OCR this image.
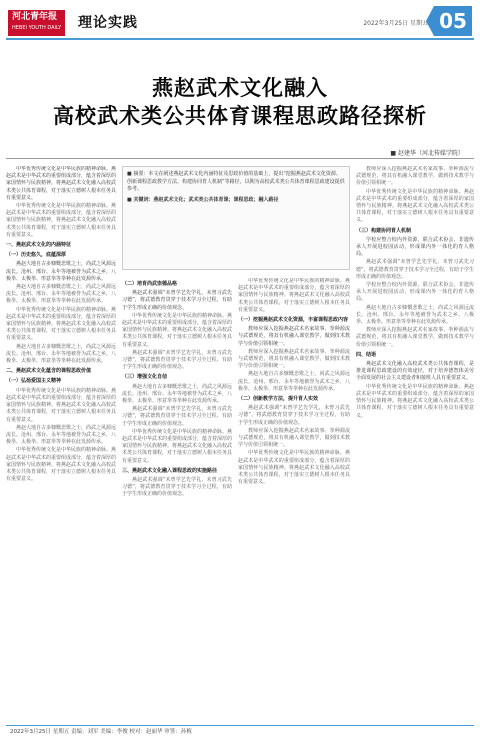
河北青年报
HEBEI YOUTH DAILY 理论实践	2022年3月25日 星期五 05
燕赵武术文化融入
高校武术类公共体育课程思政路径探析
■ 赵建华（河北传媒学院）

中华优秀传统文化是中华民族的精神命脉。燕赵武术是中华武术的重要组成部分，蕴含着深厚的家国情怀与民族精神。将燕赵武术文化融入高校武术类公共体育课程，对于落实立德树人根本任务具有重要意义。

中华优秀传统文化是中华民族的精神命脉。燕赵武术是中华武术的重要组成部分，蕴含着深厚的家国情怀与民族精神。将燕赵武术文化融入高校武术类公共体育课程，对于落实立德树人根本任务具有重要意义。

一、燕赵武术文化的内涵特征
（一）历史悠久，底蕴深厚

燕赵大地自古多慷慨悲歌之士，尚武之风源远流长。沧州、邢台、永年等地被誉为武术之乡，八极拳、太极拳、形意拳等拳种在此发源传承。

燕赵大地自古多慷慨悲歌之士，尚武之风源远流长。沧州、邢台、永年等地被誉为武术之乡，八极拳、太极拳、形意拳等拳种在此发源传承。

中华优秀传统文化是中华民族的精神命脉。燕赵武术是中华武术的重要组成部分，蕴含着深厚的家国情怀与民族精神。将燕赵武术文化融入高校武术类公共体育课程，对于落实立德树人根本任务具有重要意义。

燕赵大地自古多慷慨悲歌之士，尚武之风源远流长。沧州、邢台、永年等地被誉为武术之乡，八极拳、太极拳、形意拳等拳种在此发源传承。

二、燕赵武术文化蕴含的课程思政价值
（一）弘扬爱国主义精神

中华优秀传统文化是中华民族的精神命脉。燕赵武术是中华武术的重要组成部分，蕴含着深厚的家国情怀与民族精神。将燕赵武术文化融入高校武术类公共体育课程，对于落实立德树人根本任务具有重要意义。

燕赵大地自古多慷慨悲歌之士，尚武之风源远流长。沧州、邢台、永年等地被誉为武术之乡，八极拳、太极拳、形意拳等拳种在此发源传承。

中华优秀传统文化是中华民族的精神命脉。燕赵武术是中华武术的重要组成部分，蕴含着深厚的家国情怀与民族精神。将燕赵武术文化融入高校武术类公共体育课程，对于落实立德树人根本任务具有重要意义。

■ 摘要：本文在阐述燕赵武术文化内涵特征及思政价值的基础上，提出“挖掘燕赵武术文化资源、创新课程思政教学方法、构建协同育人机制”等路径，以期为高校武术类公共体育课程思政建设提供参考。
■ 关键词：燕赵武术文化；武术类公共体育课；课程思政；融入路径
（二）培育尚武崇德品格

燕赵武术强调“未曾学艺先学礼，未曾习武先习德”，将武德教育贯穿于技术学习全过程，有助于学生形成正确的价值观念。

中华优秀传统文化是中华民族的精神命脉。燕赵武术是中华武术的重要组成部分，蕴含着深厚的家国情怀与民族精神。将燕赵武术文化融入高校武术类公共体育课程，对于落实立德树人根本任务具有重要意义。

燕赵武术强调“未曾学艺先学礼，未曾习武先习德”，将武德教育贯穿于技术学习全过程，有助于学生形成正确的价值观念。

（三）增强文化自信

燕赵大地自古多慷慨悲歌之士，尚武之风源远流长。沧州、邢台、永年等地被誉为武术之乡，八极拳、太极拳、形意拳等拳种在此发源传承。

燕赵武术强调“未曾学艺先学礼，未曾习武先习德”，将武德教育贯穿于技术学习全过程，有助于学生形成正确的价值观念。

中华优秀传统文化是中华民族的精神命脉。燕赵武术是中华武术的重要组成部分，蕴含着深厚的家国情怀与民族精神。将燕赵武术文化融入高校武术类公共体育课程，对于落实立德树人根本任务具有重要意义。

三、燕赵武术文化融入课程思政的实施路径

燕赵武术强调“未曾学艺先学礼，未曾习武先习德”，将武德教育贯穿于技术学习全过程，有助于学生形成正确的价值观念。

中华优秀传统文化是中华民族的精神命脉。燕赵武术是中华武术的重要组成部分，蕴含着深厚的家国情怀与民族精神。将燕赵武术文化融入高校武术类公共体育课程，对于落实立德树人根本任务具有重要意义。

（一）挖掘燕赵武术文化资源，丰富课程思政内容

教师应深入挖掘燕赵武术名家故事、拳种源流与武德规范，将其有机融入课堂教学，做到技术教学与价值引领相统一。

教师应深入挖掘燕赵武术名家故事、拳种源流与武德规范，将其有机融入课堂教学，做到技术教学与价值引领相统一。

燕赵大地自古多慷慨悲歌之士，尚武之风源远流长。沧州、邢台、永年等地被誉为武术之乡，八极拳、太极拳、形意拳等拳种在此发源传承。

（二）创新教学方法，提升育人实效

燕赵武术强调“未曾学艺先学礼，未曾习武先习德”，将武德教育贯穿于技术学习全过程，有助于学生形成正确的价值观念。

教师应深入挖掘燕赵武术名家故事、拳种源流与武德规范，将其有机融入课堂教学，做到技术教学与价值引领相统一。

中华优秀传统文化是中华民族的精神命脉。燕赵武术是中华武术的重要组成部分，蕴含着深厚的家国情怀与民族精神。将燕赵武术文化融入高校武术类公共体育课程，对于落实立德树人根本任务具有重要意义。

教师应深入挖掘燕赵武术名家故事、拳种源流与武德规范，将其有机融入课堂教学，做到技术教学与价值引领相统一。

中华优秀传统文化是中华民族的精神命脉。燕赵武术是中华武术的重要组成部分，蕴含着深厚的家国情怀与民族精神。将燕赵武术文化融入高校武术类公共体育课程，对于落实立德树人根本任务具有重要意义。

（三）构建协同育人机制

学校应整合校内外资源，联合武术协会、非遗传承人开展进校园活动，形成课内外一体化的育人格局。

燕赵武术强调“未曾学艺先学礼，未曾习武先习德”，将武德教育贯穿于技术学习全过程，有助于学生形成正确的价值观念。

学校应整合校内外资源，联合武术协会、非遗传承人开展进校园活动，形成课内外一体化的育人格局。

燕赵大地自古多慷慨悲歌之士，尚武之风源远流长。沧州、邢台、永年等地被誉为武术之乡，八极拳、太极拳、形意拳等拳种在此发源传承。

教师应深入挖掘燕赵武术名家故事、拳种源流与武德规范，将其有机融入课堂教学，做到技术教学与价值引领相统一。

四、结语

燕赵武术文化融入高校武术类公共体育课程，是推进课程思政建设的有效途径，对于培养德智体美劳全面发展的社会主义建设者和接班人具有重要意义。

中华优秀传统文化是中华民族的精神命脉。燕赵武术是中华武术的重要组成部分，蕴含着深厚的家国情怀与民族精神。将燕赵武术文化融入高校武术类公共体育课程，对于落实立德树人根本任务具有重要意义。

2022年3月25日 星期五 责编：刘军 美编：李俊 校对：赵丽华 审签：孙梅
